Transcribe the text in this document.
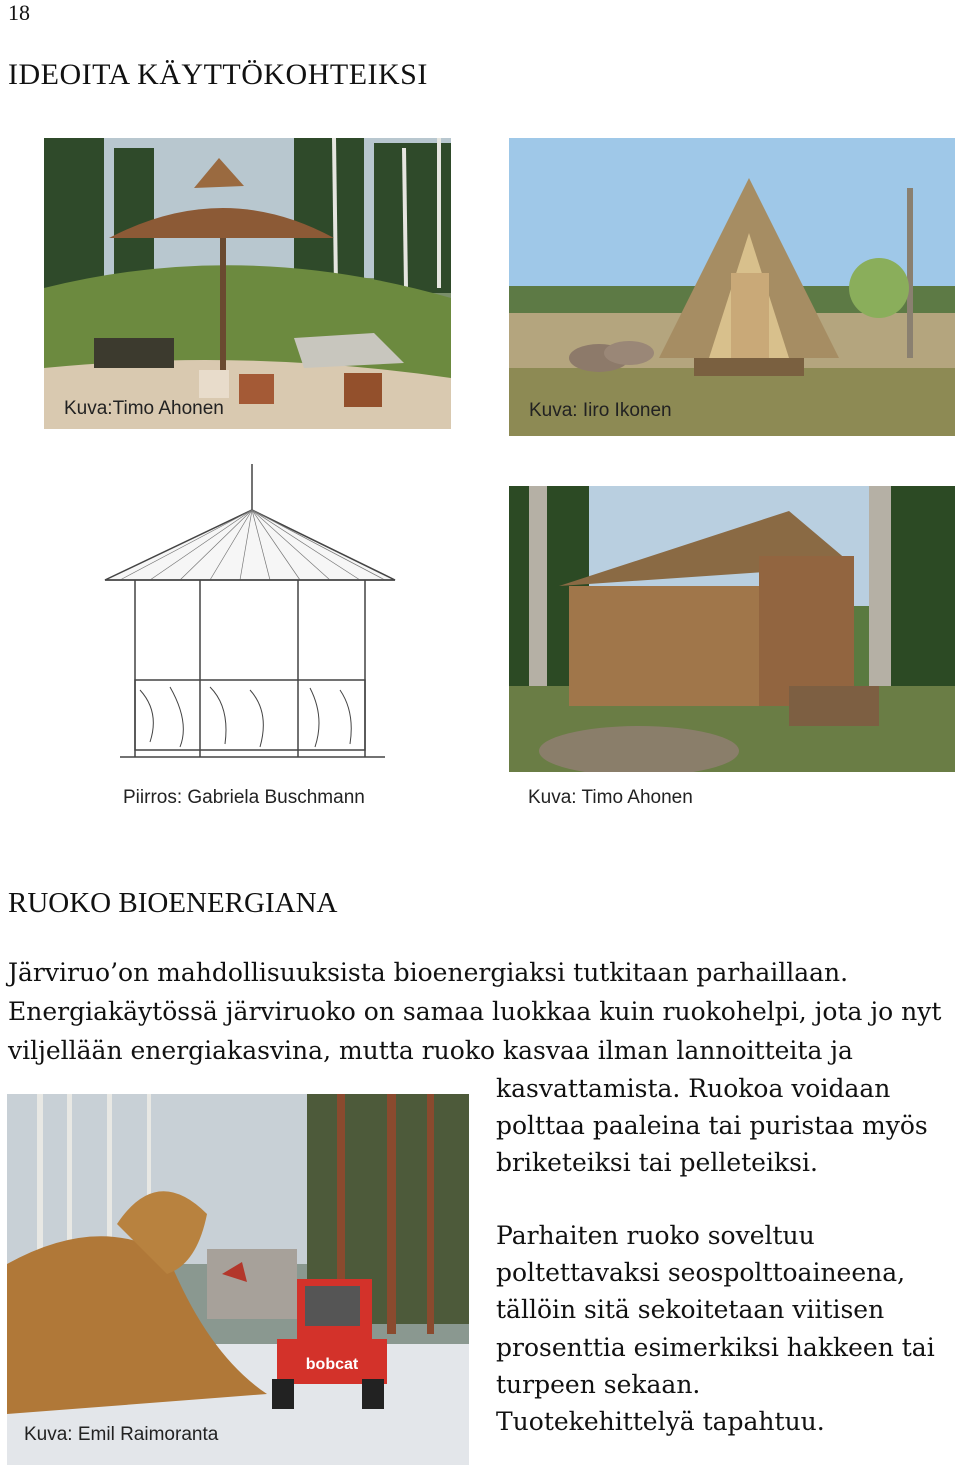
18
IDEOITA KÄYTTÖKOHTEIKSI
Kuva:Timo Ahonen	Kuva: Iiro Ikonen
Piirros: Gabriela Buschmann	Kuva: Timo Ahonen
RUOKO BIOENERGIANA
Järviruo’on mahdollisuuksista bioenergiaksi tutkitaan parhaillaan.
Energiakäytössä järviruoko on samaa luokkaa kuin ruokohelpi, jota jo nyt
viljellään energiakasvina, mutta ruoko kasvaa ilman lannoitteita ja
kasvattamista. Ruokoa voidaan
polttaa paaleina tai puristaa myös
briketeiksi tai pelleteiksi.
Parhaiten ruoko soveltuu
poltettavaksi seospolttoaineena,
tällöin sitä sekoitetaan viitisen
prosenttia esimerkiksi hakkeen tai
turpeen sekaan.
Tuotekehittelyä tapahtuu.
bobcat
Kuva: Emil Raimoranta
